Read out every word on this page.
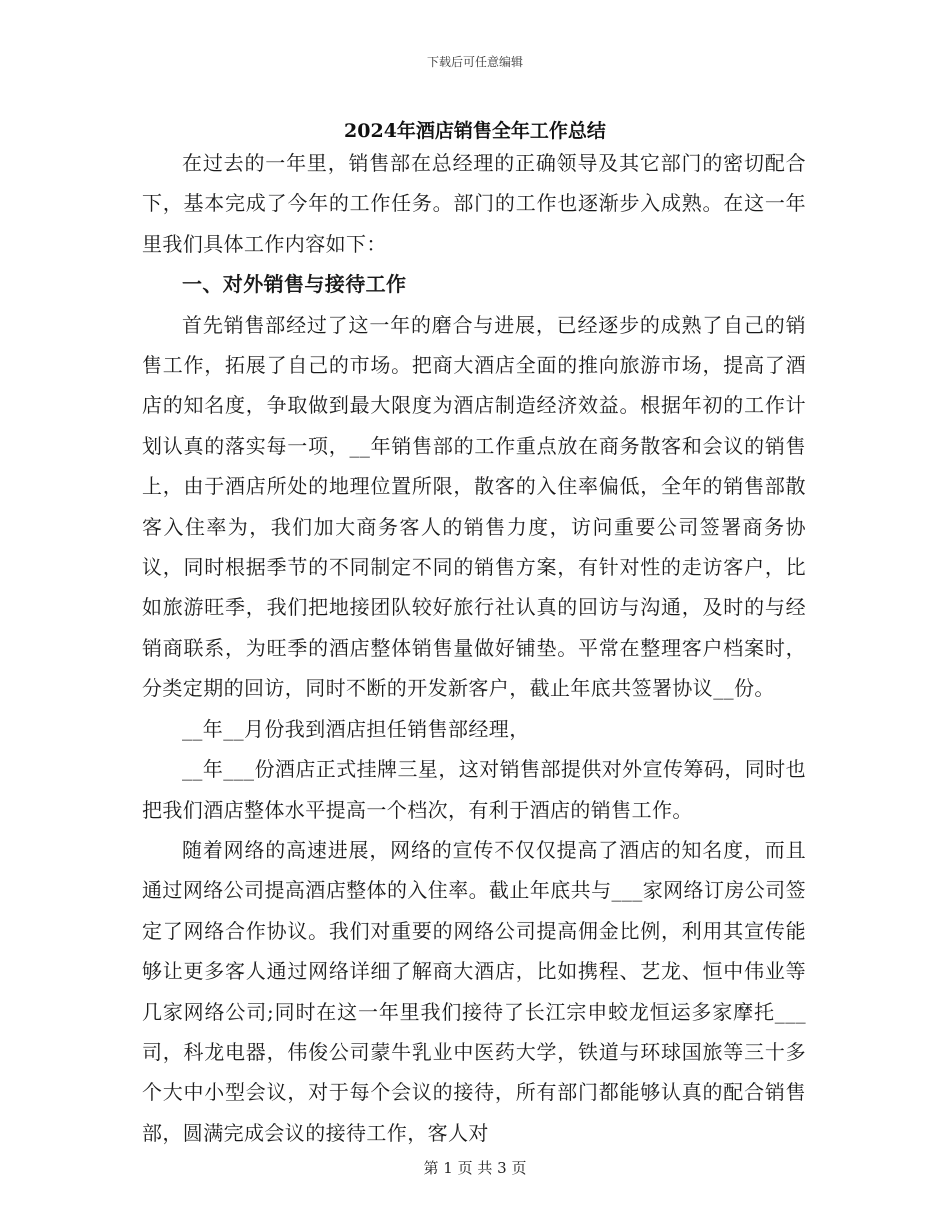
下载后可任意编辑
2024年酒店销售全年工作总结

在过去的一年里，销售部在总经理的正确领导及其它部门的密切配合下，基本完成了今年的工作任务。部门的工作也逐渐步入成熟。在这一年里我们具体工作内容如下：

一、对外销售与接待工作

首先销售部经过了这一年的磨合与进展，已经逐步的成熟了自己的销售工作，拓展了自己的市场。把商大酒店全面的推向旅游市场，提高了酒店的知名度，争取做到最大限度为酒店制造经济效益。根据年初的工作计划认真的落实每一项，__年销售部的工作重点放在商务散客和会议的销售上，由于酒店所处的地理位置所限，散客的入住率偏低，全年的销售部散客入住率为，我们加大商务客人的销售力度，访问重要公司签署商务协议，同时根据季节的不同制定不同的销售方案，有针对性的走访客户，比如旅游旺季，我们把地接团队较好旅行社认真的回访与沟通，及时的与经销商联系，为旺季的酒店整体销售量做好铺垫。平常在整理客户档案时，分类定期的回访，同时不断的开发新客户，截止年底共签署协议__份。

__年__月份我到酒店担任销售部经理，

__年___份酒店正式挂牌三星，这对销售部提供对外宣传筹码，同时也把我们酒店整体水平提高一个档次，有利于酒店的销售工作。

随着网络的高速进展，网络的宣传不仅仅提高了酒店的知名度，而且通过网络公司提高酒店整体的入住率。截止年底共与___家网络订房公司签定了网络合作协议。我们对重要的网络公司提高佣金比例，利用其宣传能够让更多客人通过网络详细了解商大酒店，比如携程、艺龙、恒中伟业等几家网络公司;同时在这一年里我们接待了长江宗申蛟龙恒运多家摩托___司，科龙电器，伟俊公司蒙牛乳业中医药大学，铁道与环球国旅等三十多个大中小型会议，对于每个会议的接待，所有部门都能够认真的配合销售部，圆满完成会议的接待工作，客人对

第 1 页 共 3 页
